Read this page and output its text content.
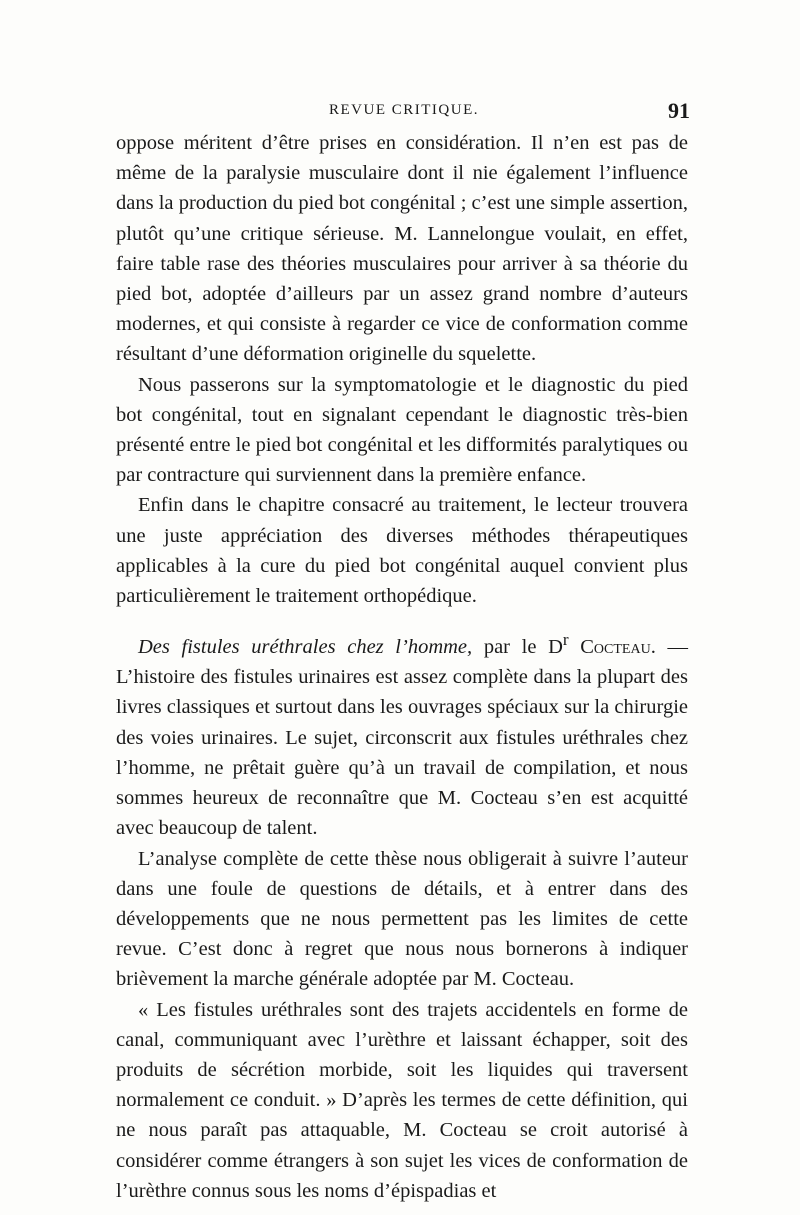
REVUE CRITIQUE.	91

oppose méritent d’être prises en considération. Il n’en est pas de même de la paralysie musculaire dont il nie également l’influence dans la production du pied bot congénital ; c’est une simple assertion, plutôt qu’une critique sérieuse. M. Lannelongue voulait, en effet, faire table rase des théories musculaires pour arriver à sa théorie du pied bot, adoptée d’ailleurs par un assez grand nombre d’auteurs modernes, et qui consiste à regarder ce vice de conformation comme résultant d’une déformation originelle du squelette.

Nous passerons sur la symptomatologie et le diagnostic du pied bot congénital, tout en signalant cependant le diagnostic très-bien présenté entre le pied bot congénital et les difformités paralytiques ou par contracture qui surviennent dans la première enfance.

Enfin dans le chapitre consacré au traitement, le lecteur trouvera une juste appréciation des diverses méthodes thérapeutiques applicables à la cure du pied bot congénital auquel convient plus particulièrement le traitement orthopédique.

Des fistules uréthrales chez l’homme, par le $D^r$ Cocteau. — L’histoire des fistules urinaires est assez complète dans la plupart des livres classiques et surtout dans les ouvrages spéciaux sur la chirurgie des voies urinaires. Le sujet, circonscrit aux fistules uréthrales chez l’homme, ne prêtait guère qu’à un travail de compilation, et nous sommes heureux de reconnaître que M. Cocteau s’en est acquitté avec beaucoup de talent.

L’analyse complète de cette thèse nous obligerait à suivre l’auteur dans une foule de questions de détails, et à entrer dans des développements que ne nous permettent pas les limites de cette revue. C’est donc à regret que nous nous bornerons à indiquer brièvement la marche générale adoptée par M. Cocteau.

« Les fistules uréthrales sont des trajets accidentels en forme de canal, communiquant avec l’urèthre et laissant échapper, soit des produits de sécrétion morbide, soit les liquides qui traversent normalement ce conduit. » D’après les termes de cette définition, qui ne nous paraît pas attaquable, M. Cocteau se croit autorisé à considérer comme étrangers à son sujet les vices de conformation de l’urèthre connus sous les noms d’épispadias et
